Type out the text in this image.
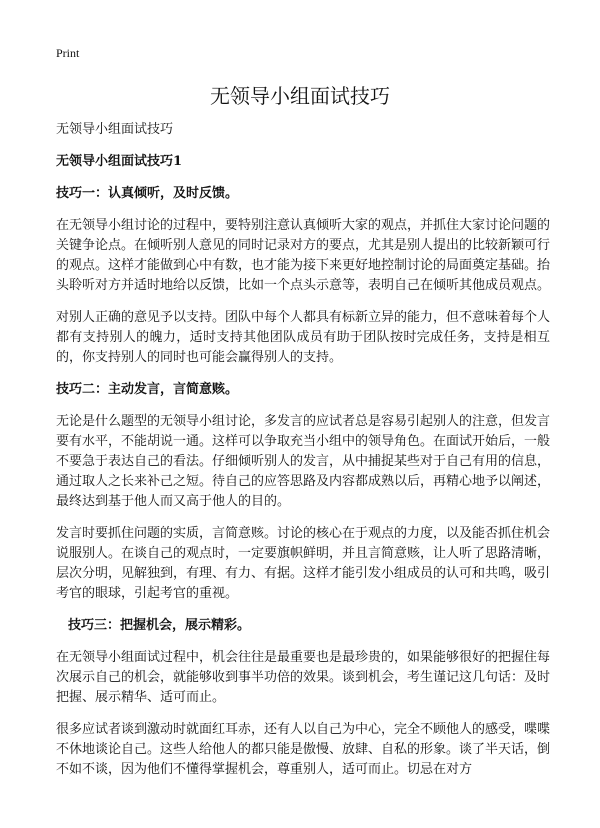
Print
无领导小组面试技巧

无领导小组面试技巧

无领导小组面试技巧1

技巧一：认真倾听，及时反馈。

在无领导小组讨论的过程中，要特别注意认真倾听大家的观点，并抓住大家讨论问题的关键争论点。在倾听别人意见的同时记录对方的要点，尤其是别人提出的比较新颖可行的观点。这样才能做到心中有数，也才能为接下来更好地控制讨论的局面奠定基础。抬头聆听对方并适时地给以反馈，比如一个点头示意等，表明自己在倾听其他成员观点。

对别人正确的意见予以支持。团队中每个人都具有标新立异的能力，但不意味着每个人都有支持别人的魄力，适时支持其他团队成员有助于团队按时完成任务，支持是相互的，你支持别人的同时也可能会赢得别人的支持。

技巧二：主动发言，言简意赅。

无论是什么题型的无领导小组讨论，多发言的应试者总是容易引起别人的注意，但发言要有水平，不能胡说一通。这样可以争取充当小组中的领导角色。在面试开始后，一般不要急于表达自己的看法。仔细倾听别人的发言，从中捕捉某些对于自己有用的信息，通过取人之长来补己之短。待自己的应答思路及内容都成熟以后，再精心地予以阐述，最终达到基于他人而又高于他人的目的。

发言时要抓住问题的实质，言简意赅。讨论的核心在于观点的力度，以及能否抓住机会说服别人。在谈自己的观点时，一定要旗帜鲜明，并且言简意赅，让人听了思路清晰，层次分明，见解独到，有理、有力、有据。这样才能引发小组成员的认可和共鸣，吸引考官的眼球，引起考官的重视。

技巧三：把握机会，展示精彩。

在无领导小组面试过程中，机会往往是最重要也是最珍贵的，如果能够很好的把握住每次展示自己的机会，就能够收到事半功倍的效果。谈到机会，考生谨记这几句话：及时把握、展示精华、适可而止。

很多应试者谈到激动时就面红耳赤，还有人以自己为中心，完全不顾他人的感受，喋喋不休地谈论自己。这些人给他人的都只能是傲慢、放肆、自私的形象。谈了半天话，倒不如不谈，因为他们不懂得掌握机会，尊重别人，适可而止。切忌在对方
